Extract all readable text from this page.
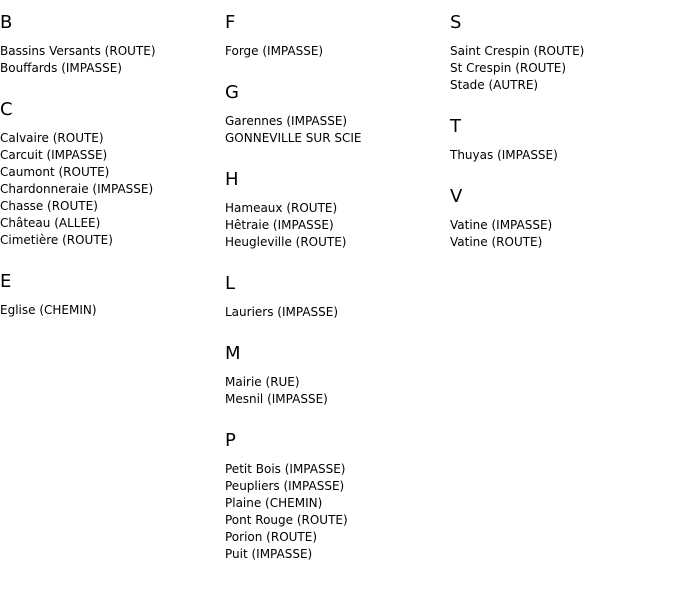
B
Bassins Versants (ROUTE)
Bouffards (IMPASSE)
C
Calvaire (ROUTE)
Carcuit (IMPASSE)
Caumont (ROUTE)
Chardonneraie (IMPASSE)
Chasse (ROUTE)
Château (ALLEE)
Cimetière (ROUTE)
E
Eglise (CHEMIN)
F
Forge (IMPASSE)
G
Garennes (IMPASSE)
GONNEVILLE SUR SCIE
H
Hameaux (ROUTE)
Hêtraie (IMPASSE)
Heugleville (ROUTE)
L
Lauriers (IMPASSE)
M
Mairie (RUE)
Mesnil (IMPASSE)
P
Petit Bois (IMPASSE)
Peupliers (IMPASSE)
Plaine (CHEMIN)
Pont Rouge (ROUTE)
Porion (ROUTE)
Puit (IMPASSE)
S
Saint Crespin (ROUTE)
St Crespin (ROUTE)
Stade (AUTRE)
T
Thuyas (IMPASSE)
V
Vatine (IMPASSE)
Vatine (ROUTE)
